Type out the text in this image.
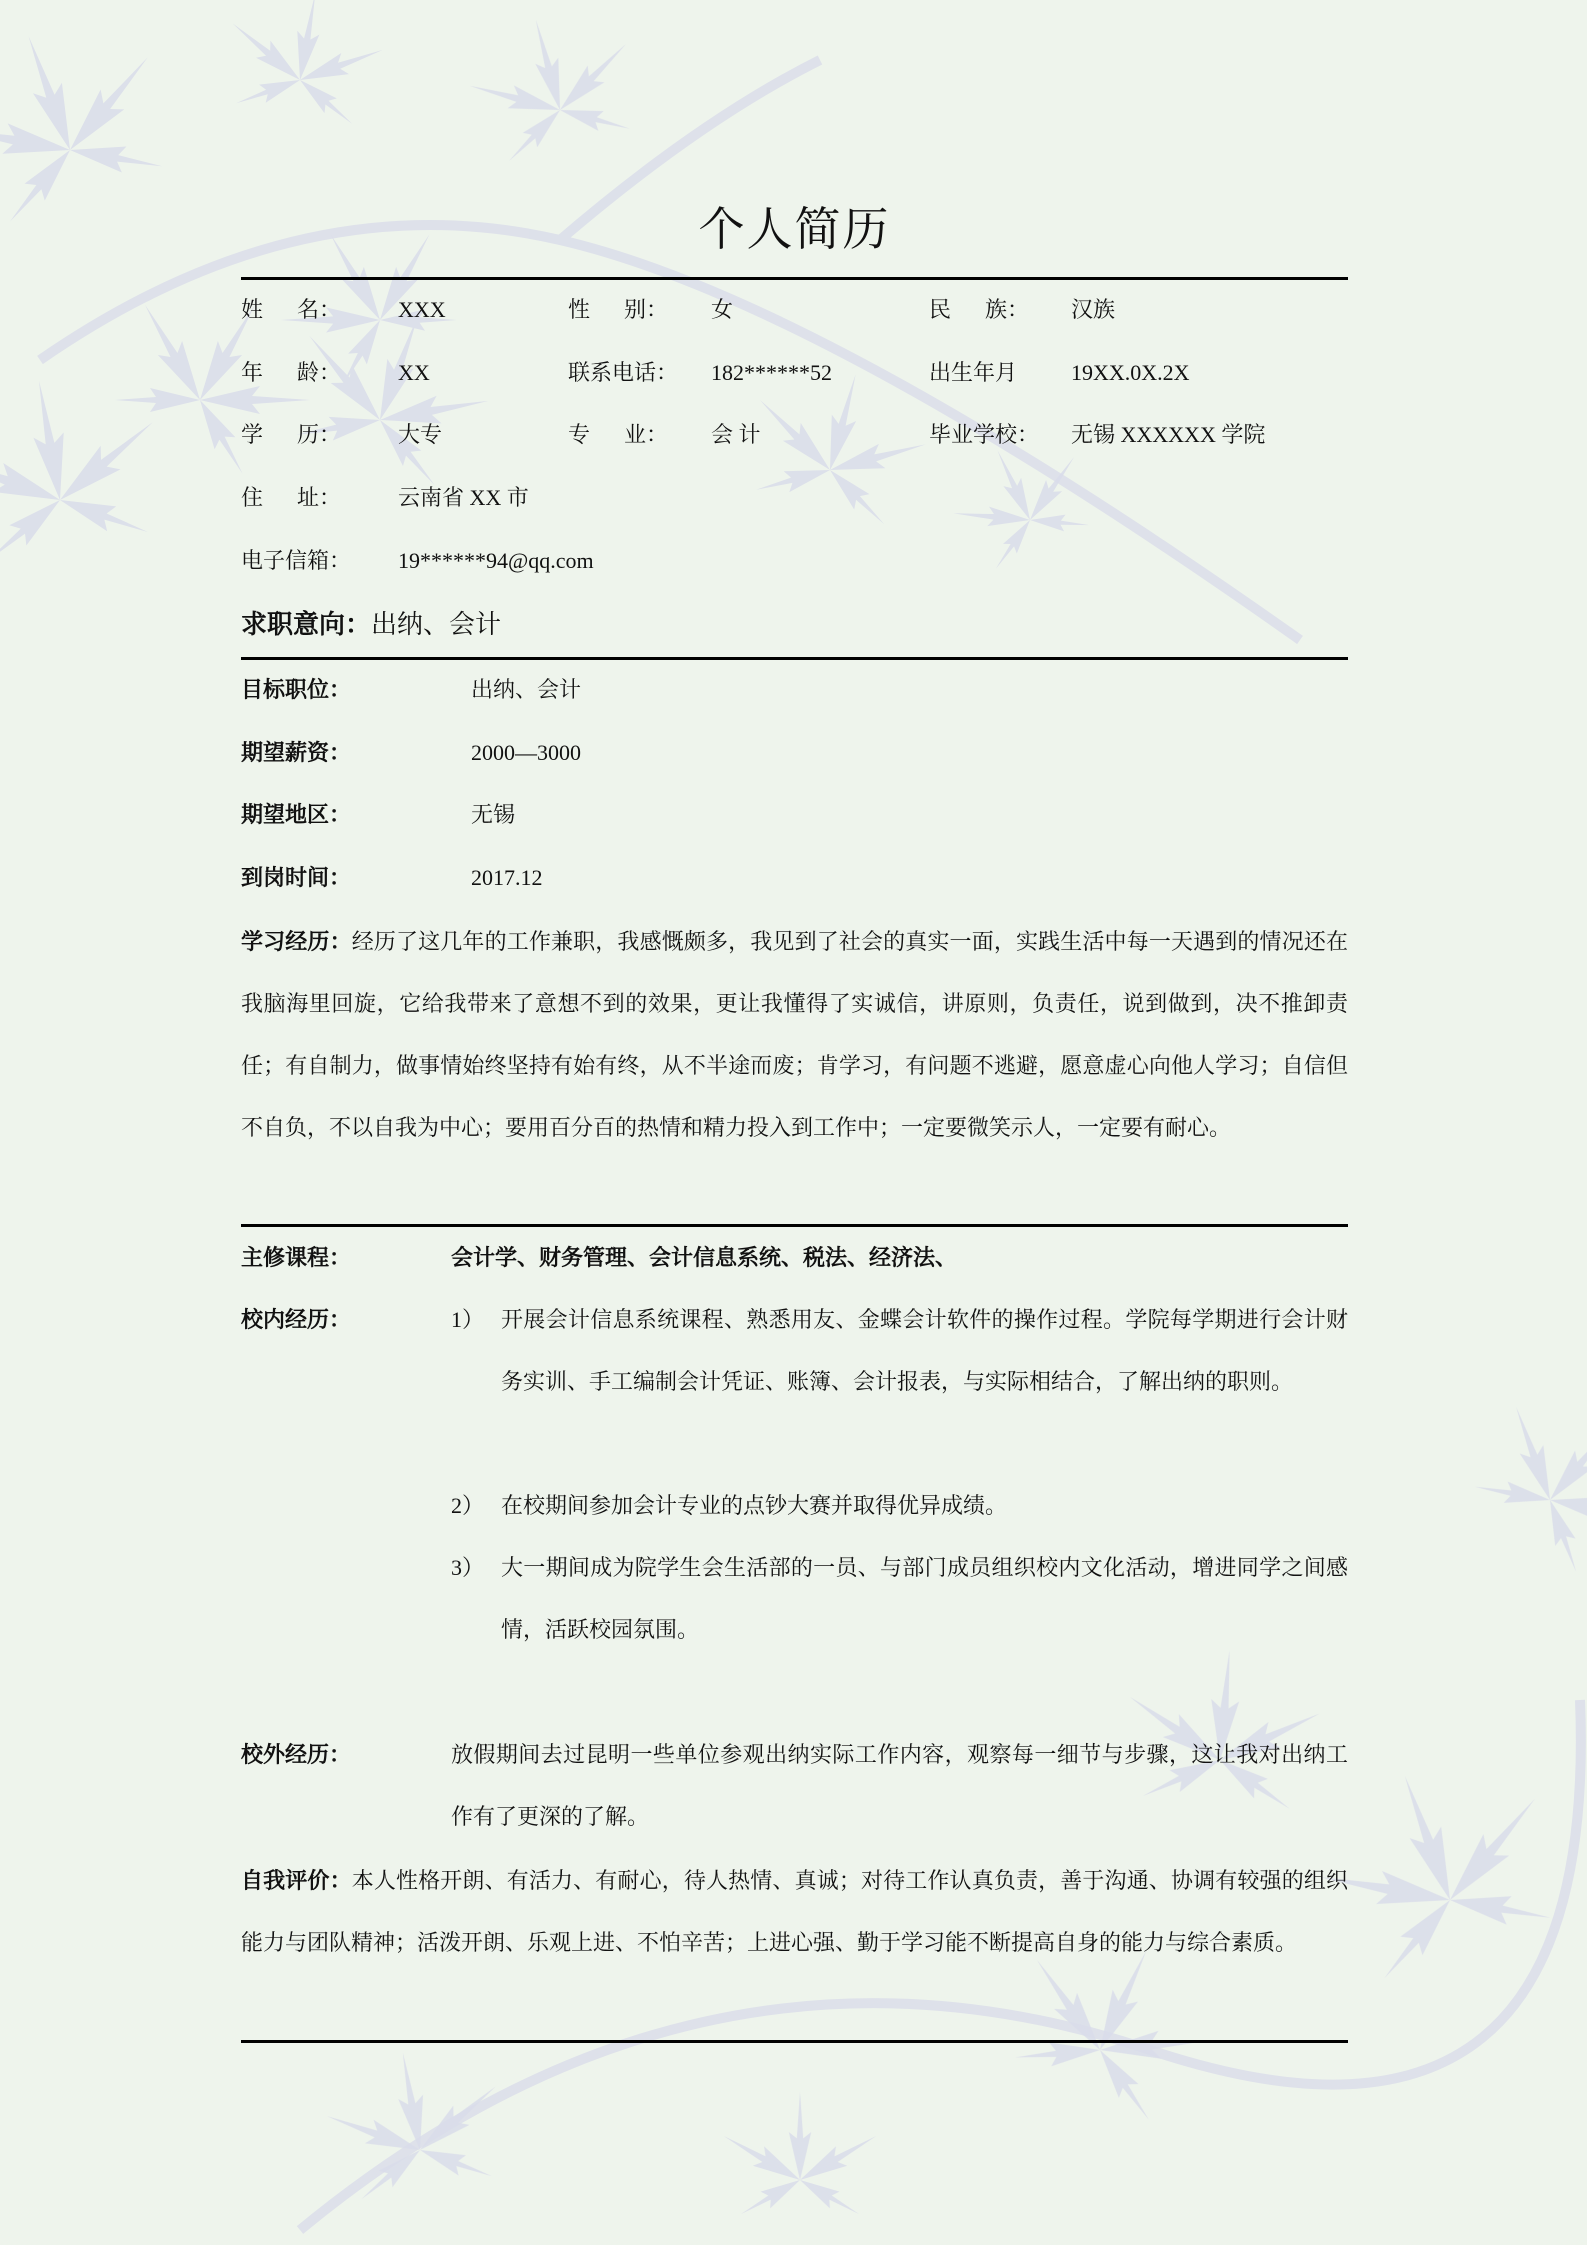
个人简历
姓 名：	XXX	性 别： 女	民 族： 汉族
年 龄：	XX	联系电话： 182******52	出生年月 19XX.0X.2X
学 历：	大专	专 业： 会 计	毕业学校： 无锡 XXXXXX 学院
住 址：	云南省 XX 市
电子信箱： 19******94@qq.com
求职意向：出纳、会计
目标职位：	出纳、会计
期望薪资：	2000—3000
期望地区：	无锡
到岗时间：	2017.12
学习经历：经历了这几年的工作兼职，我感慨颇多，我见到了社会的真实一面，实践生活中每一天遇到的情况还在我脑海里回旋，它给我带来了意想不到的效果，更让我懂得了实诚信，讲原则，负责任，说到做到，决不推卸责任；有自制力，做事情始终坚持有始有终，从不半途而废；肯学习，有问题不逃避，愿意虚心向他人学习；自信但不自负，不以自我为中心；要用百分百的热情和精力投入到工作中；一定要微笑示人，一定要有耐心。
主修课程：	会计学、财务管理、会计信息系统、税法、经济法、
校内经历：	1） 开展会计信息系统课程、熟悉用友、金蝶会计软件的操作过程。学院每学期进行会计财务实训、手工编制会计凭证、账簿、会计报表，与实际相结合，了解出纳的职则。
2） 在校期间参加会计专业的点钞大赛并取得优异成绩。
3） 大一期间成为院学生会生活部的一员、与部门成员组织校内文化活动，增进同学之间感情，活跃校园氛围。
校外经历：	放假期间去过昆明一些单位参观出纳实际工作内容，观察每一细节与步骤，这让我对出纳工作有了更深的了解。
自我评价：本人性格开朗、有活力、有耐心，待人热情、真诚；对待工作认真负责，善于沟通、协调有较强的组织能力与团队精神；活泼开朗、乐观上进、不怕辛苦；上进心强、勤于学习能不断提高自身的能力与综合素质。
